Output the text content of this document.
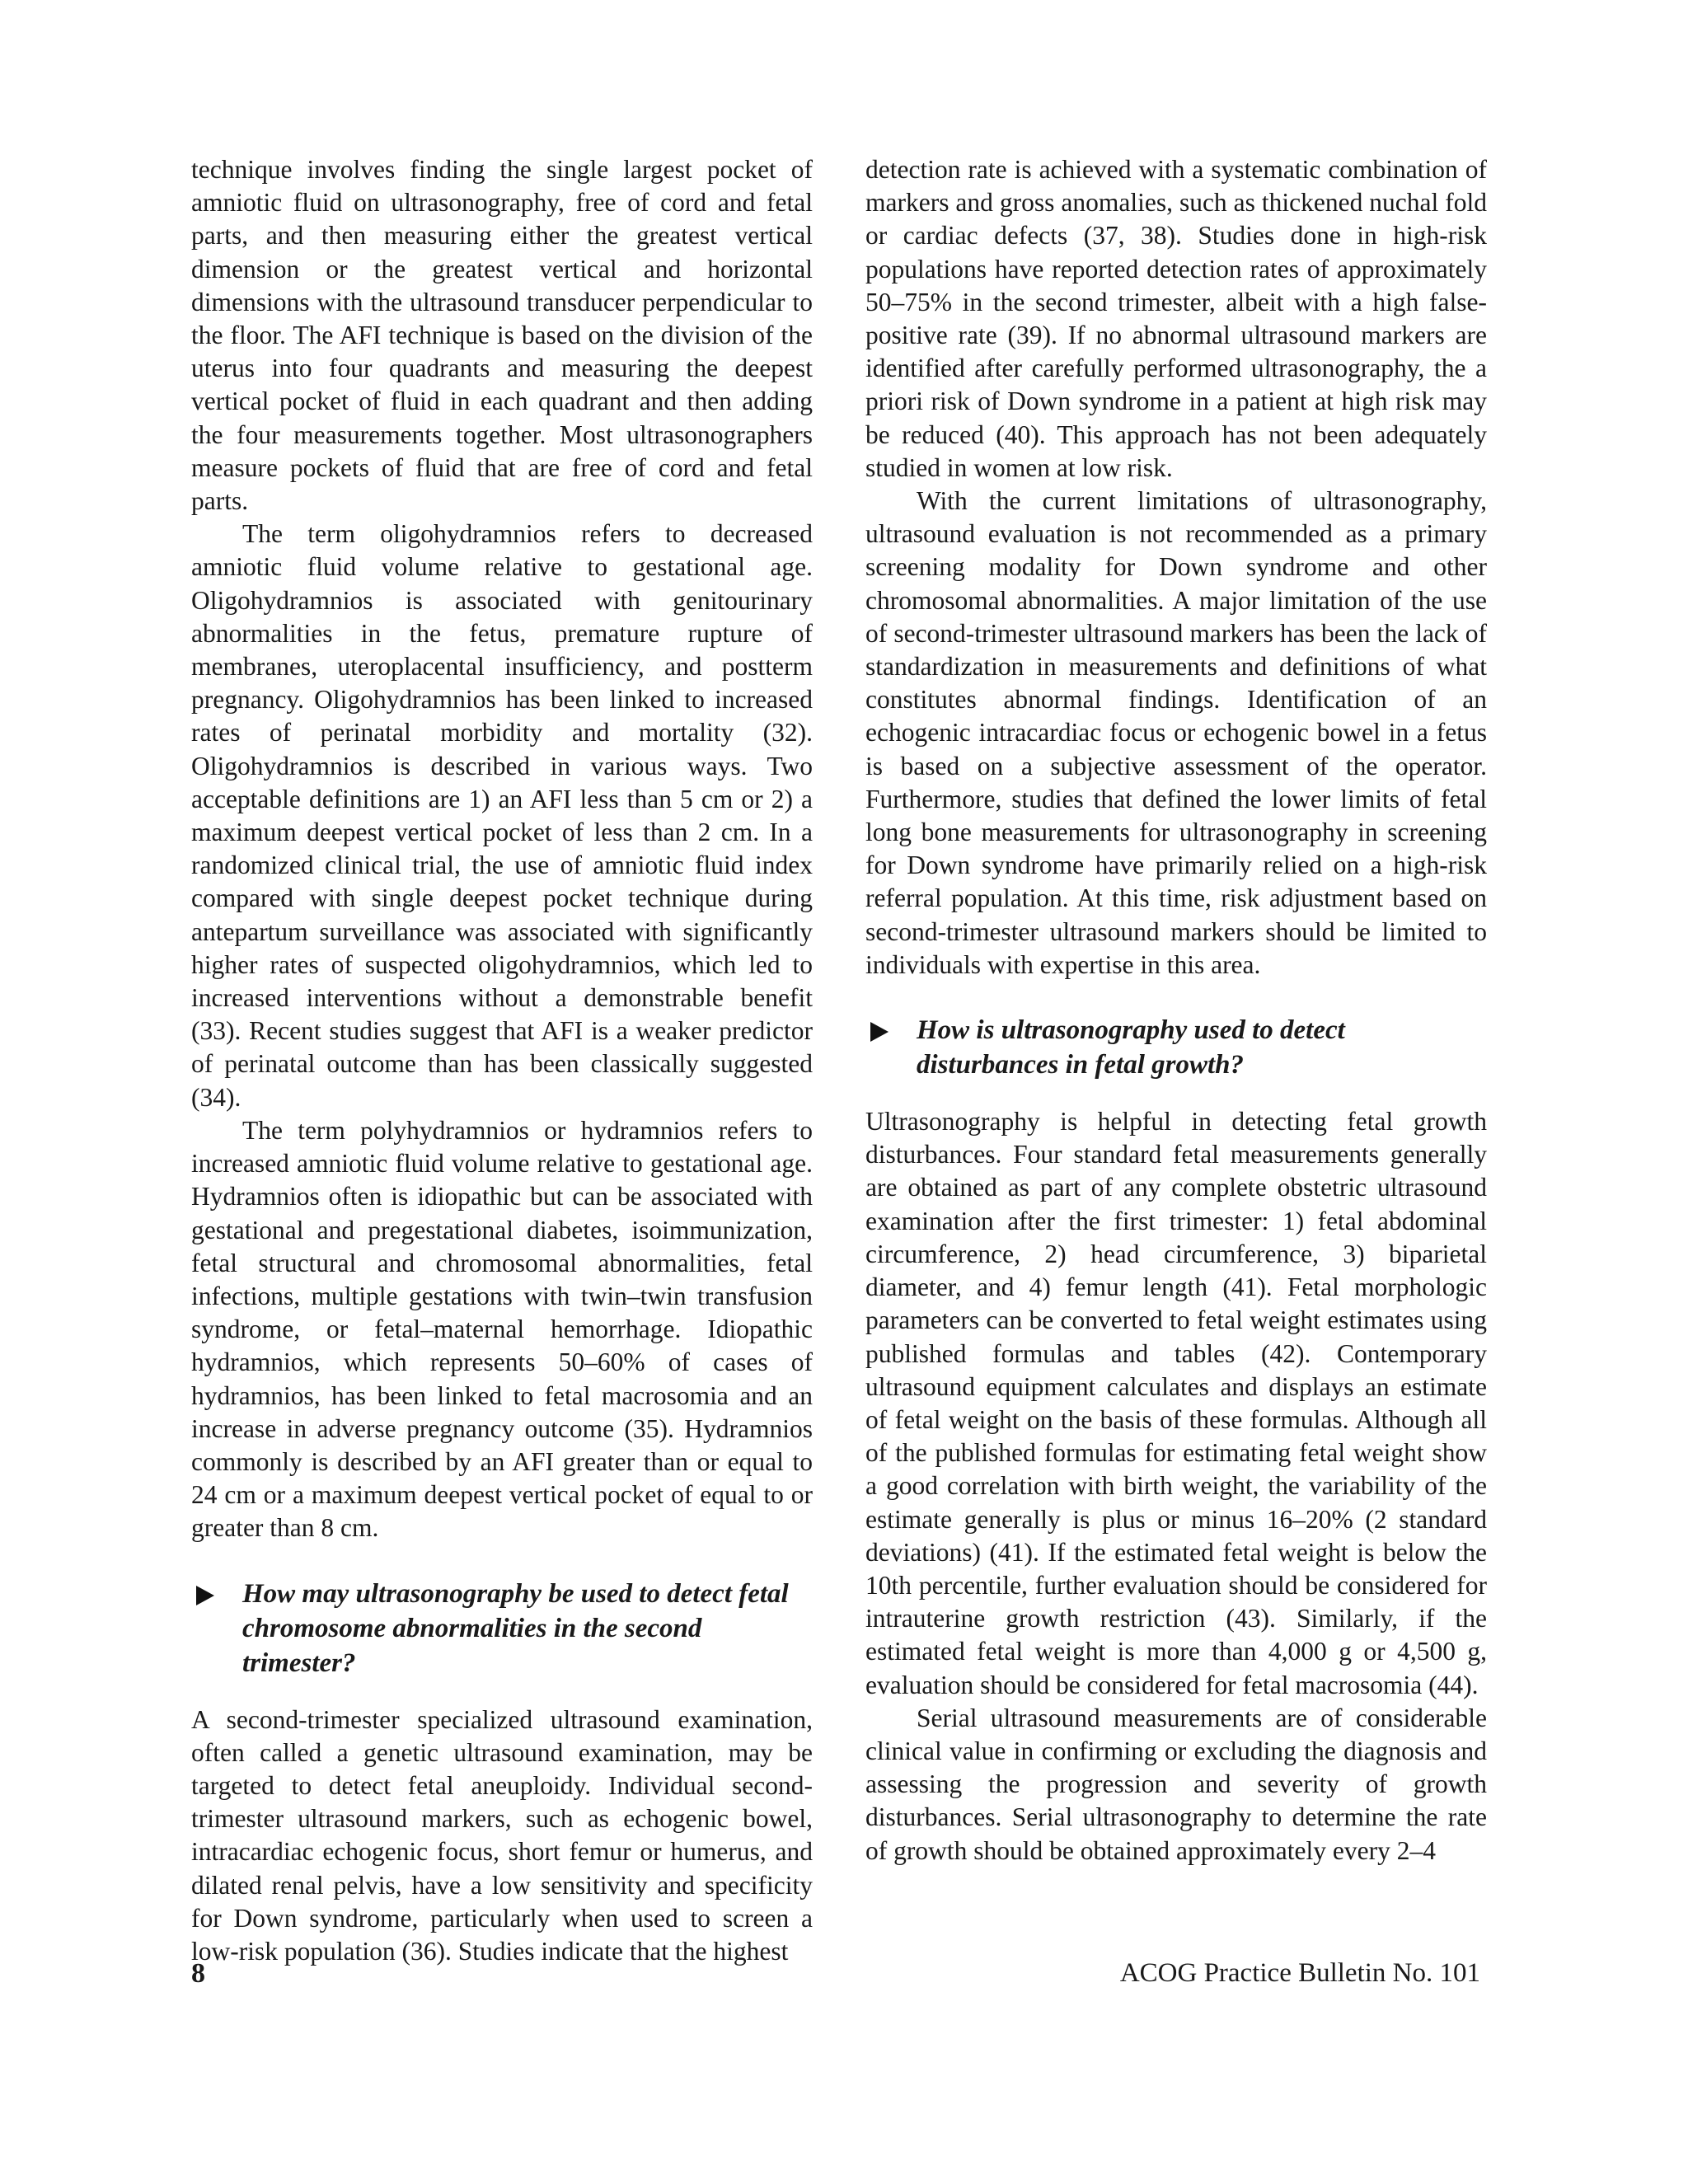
technique involves finding the single largest pocket of amniotic fluid on ultrasonography, free of cord and fetal parts, and then measuring either the greatest vertical dimension or the greatest vertical and horizontal dimensions with the ultrasound transducer perpendicular to the floor. The AFI technique is based on the division of the uterus into four quadrants and measuring the deepest vertical pocket of fluid in each quadrant and then adding the four measurements together. Most ultrasonographers measure pockets of fluid that are free of cord and fetal parts.

The term oligohydramnios refers to decreased amniotic fluid volume relative to gestational age. Oligohydramnios is associated with genitourinary abnormalities in the fetus, premature rupture of membranes, uteroplacental insufficiency, and postterm pregnancy. Oligohydramnios has been linked to increased rates of perinatal morbidity and mortality (32). Oligohydramnios is described in various ways. Two acceptable definitions are 1) an AFI less than 5 cm or 2) a maximum deepest vertical pocket of less than 2 cm. In a randomized clinical trial, the use of amniotic fluid index compared with single deepest pocket technique during antepartum surveillance was associated with significantly higher rates of suspected oligohydramnios, which led to increased interventions without a demonstrable benefit (33). Recent studies suggest that AFI is a weaker predictor of perinatal outcome than has been classically suggested (34).

The term polyhydramnios or hydramnios refers to increased amniotic fluid volume relative to gestational age. Hydramnios often is idiopathic but can be associated with gestational and pregestational diabetes, isoimmunization, fetal structural and chromosomal abnormalities, fetal infections, multiple gestations with twin–twin transfusion syndrome, or fetal–maternal hemorrhage. Idiopathic hydramnios, which represents 50–60% of cases of hydramnios, has been linked to fetal macrosomia and an increase in adverse pregnancy outcome (35). Hydramnios commonly is described by an AFI greater than or equal to 24 cm or a maximum deepest vertical pocket of equal to or greater than 8 cm.

How may ultrasonography be used to detect fetal chromosome abnormalities in the second trimester?

A second-trimester specialized ultrasound examination, often called a genetic ultrasound examination, may be targeted to detect fetal aneuploidy. Individual second-trimester ultrasound markers, such as echogenic bowel, intracardiac echogenic focus, short femur or humerus, and dilated renal pelvis, have a low sensitivity and specificity for Down syndrome, particularly when used to screen a low-risk population (36). Studies indicate that the highest

detection rate is achieved with a systematic combination of markers and gross anomalies, such as thickened nuchal fold or cardiac defects (37, 38). Studies done in high-risk populations have reported detection rates of approximately 50–75% in the second trimester, albeit with a high false-positive rate (39). If no abnormal ultrasound markers are identified after carefully performed ultrasonography, the a priori risk of Down syndrome in a patient at high risk may be reduced (40). This approach has not been adequately studied in women at low risk.

With the current limitations of ultrasonography, ultrasound evaluation is not recommended as a primary screening modality for Down syndrome and other chromosomal abnormalities. A major limitation of the use of second-trimester ultrasound markers has been the lack of standardization in measurements and definitions of what constitutes abnormal findings. Identification of an echogenic intracardiac focus or echogenic bowel in a fetus is based on a subjective assessment of the operator. Furthermore, studies that defined the lower limits of fetal long bone measurements for ultrasonography in screening for Down syndrome have primarily relied on a high-risk referral population. At this time, risk adjustment based on second-trimester ultrasound markers should be limited to individuals with expertise in this area.

How is ultrasonography used to detect disturbances in fetal growth?

Ultrasonography is helpful in detecting fetal growth disturbances. Four standard fetal measurements generally are obtained as part of any complete obstetric ultrasound examination after the first trimester: 1) fetal abdominal circumference, 2) head circumference, 3) biparietal diameter, and 4) femur length (41). Fetal morphologic parameters can be converted to fetal weight estimates using published formulas and tables (42). Contemporary ultrasound equipment calculates and displays an estimate of fetal weight on the basis of these formulas. Although all of the published formulas for estimating fetal weight show a good correlation with birth weight, the variability of the estimate generally is plus or minus 16–20% (2 standard deviations) (41). If the estimated fetal weight is below the 10th percentile, further evaluation should be considered for intrauterine growth restriction (43). Similarly, if the estimated fetal weight is more than 4,000 g or 4,500 g, evaluation should be considered for fetal macrosomia (44).

Serial ultrasound measurements are of considerable clinical value in confirming or excluding the diagnosis and assessing the progression and severity of growth disturbances. Serial ultrasonography to determine the rate of growth should be obtained approximately every 2–4

8	ACOG Practice Bulletin No. 101
